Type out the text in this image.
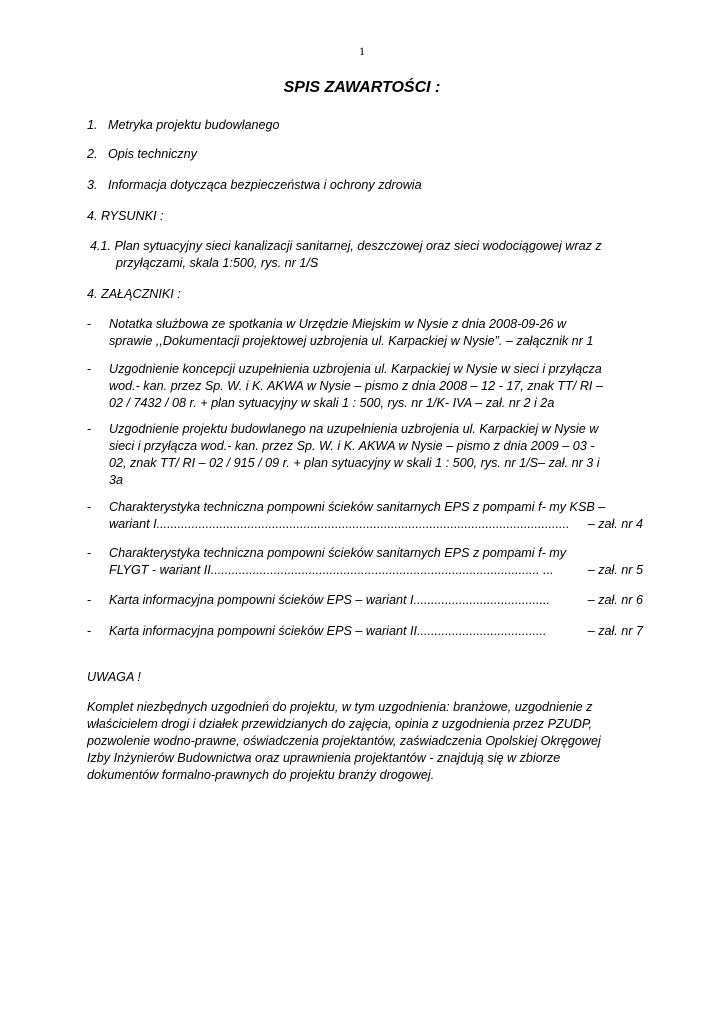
1
SPIS ZAWARTOŚCI :
1. Metryka projektu budowlanego
2. Opis techniczny
3. Informacja dotycząca bezpieczeństwa i ochrony zdrowia
4. RYSUNKI :
4.1. Plan sytuacyjny sieci kanalizacji sanitarnej, deszczowej oraz sieci wodociągowej wraz z
przyłączami, skala 1:500, rys. nr 1/S
4. ZAŁĄCZNIKI :
- Notatka służbowa ze spotkania w Urzędzie Miejskim w Nysie z dnia 2008-09-26 w
sprawie ,,Dokumentacji projektowej uzbrojenia ul. Karpackiej w Nysie”. – załącznik nr 1
- Uzgodnienie koncepcji uzupełnienia uzbrojenia ul. Karpackiej w Nysie w sieci i przyłącza
wod.- kan. przez Sp. W. i K. AKWA w Nysie – pismo z dnia 2008 – 12 - 17, znak TT/ RI –
02 / 7432 / 08 r. + plan sytuacyjny w skali 1 : 500, rys. nr 1/K- IVA – zał. nr 2 i 2a
- Uzgodnienie projektu budowlanego na uzupełnienia uzbrojenia ul. Karpackiej w Nysie w
sieci i przyłącza wod.- kan. przez Sp. W. i K. AKWA w Nysie – pismo z dnia 2009 – 03 -
02, znak TT/ RI – 02 / 915 / 09 r. + plan sytuacyjny w skali 1 : 500, rys. nr 1/S– zał. nr 3 i
3a
- Charakterystyka techniczna pompowni ścieków sanitarnych EPS z pompami f- my KSB –
wariant I ......................................................................................................................	– zał. nr 4
- Charakterystyka techniczna pompowni ścieków sanitarnych EPS z pompami f- my
FLYGT - wariant II .............................................................................................. ...	– zał. nr 5
- Karta informacyjna pompowni ścieków EPS – wariant I .......................................	– zał. nr 6
- Karta informacyjna pompowni ścieków EPS – wariant II .....................................	– zał. nr 7
UWAGA !
Komplet niezbędnych uzgodnień do projektu, w tym uzgodnienia: branżowe, uzgodnienie z
właścicielem drogi i działek przewidzianych do zajęcia, opinia z uzgodnienia przez PZUDP,
pozwolenie wodno-prawne, oświadczenia projektantów, zaświadczenia Opolskiej Okręgowej
Izby Inżynierów Budownictwa oraz uprawnienia projektantów - znajdują się w zbiorze
dokumentów formalno-prawnych do projektu branży drogowej.
